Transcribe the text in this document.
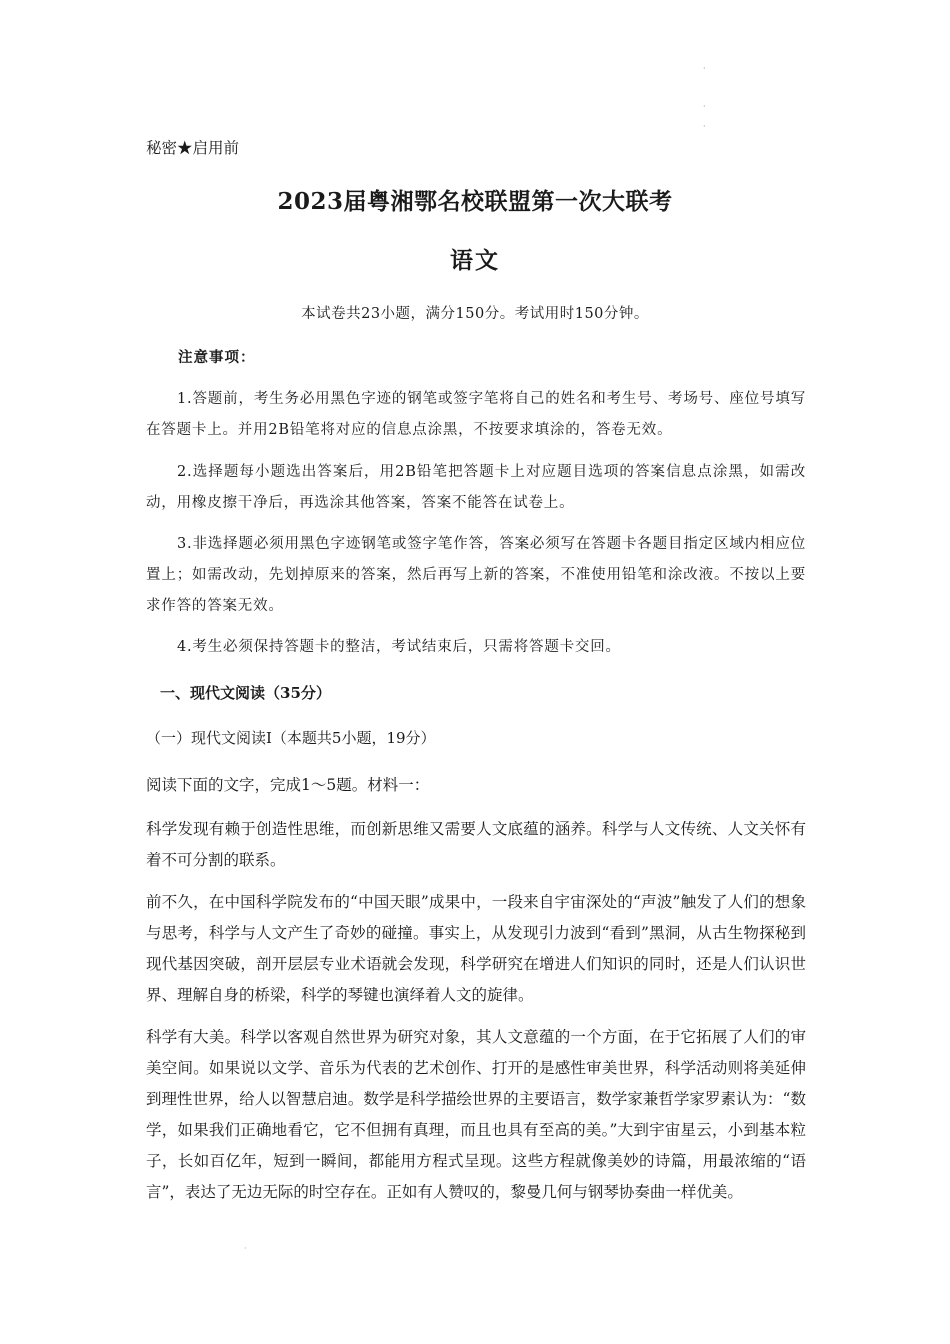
·
·
·
秘密★启用前
2023届粤湘鄂名校联盟第一次大联考
语文
本试卷共23小题，满分150分。考试用时150分钟。
注意事项：
1.答题前，考生务必用黑色字迹的钢笔或签字笔将自己的姓名和考生号、考场号、座位号填写在答题卡上。并用2B铅笔将对应的信息点涂黑，不按要求填涂的，答卷无效。
2.选择题每小题选出答案后，用2B铅笔把答题卡上对应题目选项的答案信息点涂黑，如需改动，用橡皮擦干净后，再选涂其他答案，答案不能答在试卷上。
3.非选择题必须用黑色字迹钢笔或签字笔作答，答案必须写在答题卡各题目指定区域内相应位置上；如需改动，先划掉原来的答案，然后再写上新的答案，不准使用铅笔和涂改液。不按以上要求作答的答案无效。
4.考生必须保持答题卡的整洁，考试结束后，只需将答题卡交回。
一、现代文阅读（35分）
（一）现代文阅读Ⅰ（本题共5小题，19分）
阅读下面的文字，完成1～5题。材料一：
科学发现有赖于创造性思维，而创新思维又需要人文底蕴的涵养。科学与人文传统、人文关怀有着不可分割的联系。
前不久，在中国科学院发布的“中国天眼”成果中，一段来自宇宙深处的“声波”触发了人们的想象与思考，科学与人文产生了奇妙的碰撞。事实上，从发现引力波到“看到”黑洞，从古生物探秘到现代基因突破，剖开层层专业术语就会发现，科学研究在增进人们知识的同时，还是人们认识世界、理解自身的桥梁，科学的琴键也演绎着人文的旋律。
科学有大美。科学以客观自然世界为研究对象，其人文意蕴的一个方面，在于它拓展了人们的审美空间。如果说以文学、音乐为代表的艺术创作、打开的是感性审美世界，科学活动则将美延伸到理性世界，给人以智慧启迪。数学是科学描绘世界的主要语言，数学家兼哲学家罗素认为：“数学，如果我们正确地看它，它不但拥有真理，而且也具有至高的美。”大到宇宙星云，小到基本粒子，长如百亿年，短到一瞬间，都能用方程式呈现。这些方程就像美妙的诗篇，用最浓缩的“语言”，表达了无边无际的时空存在。正如有人赞叹的，黎曼几何与钢琴协奏曲一样优美。
·
